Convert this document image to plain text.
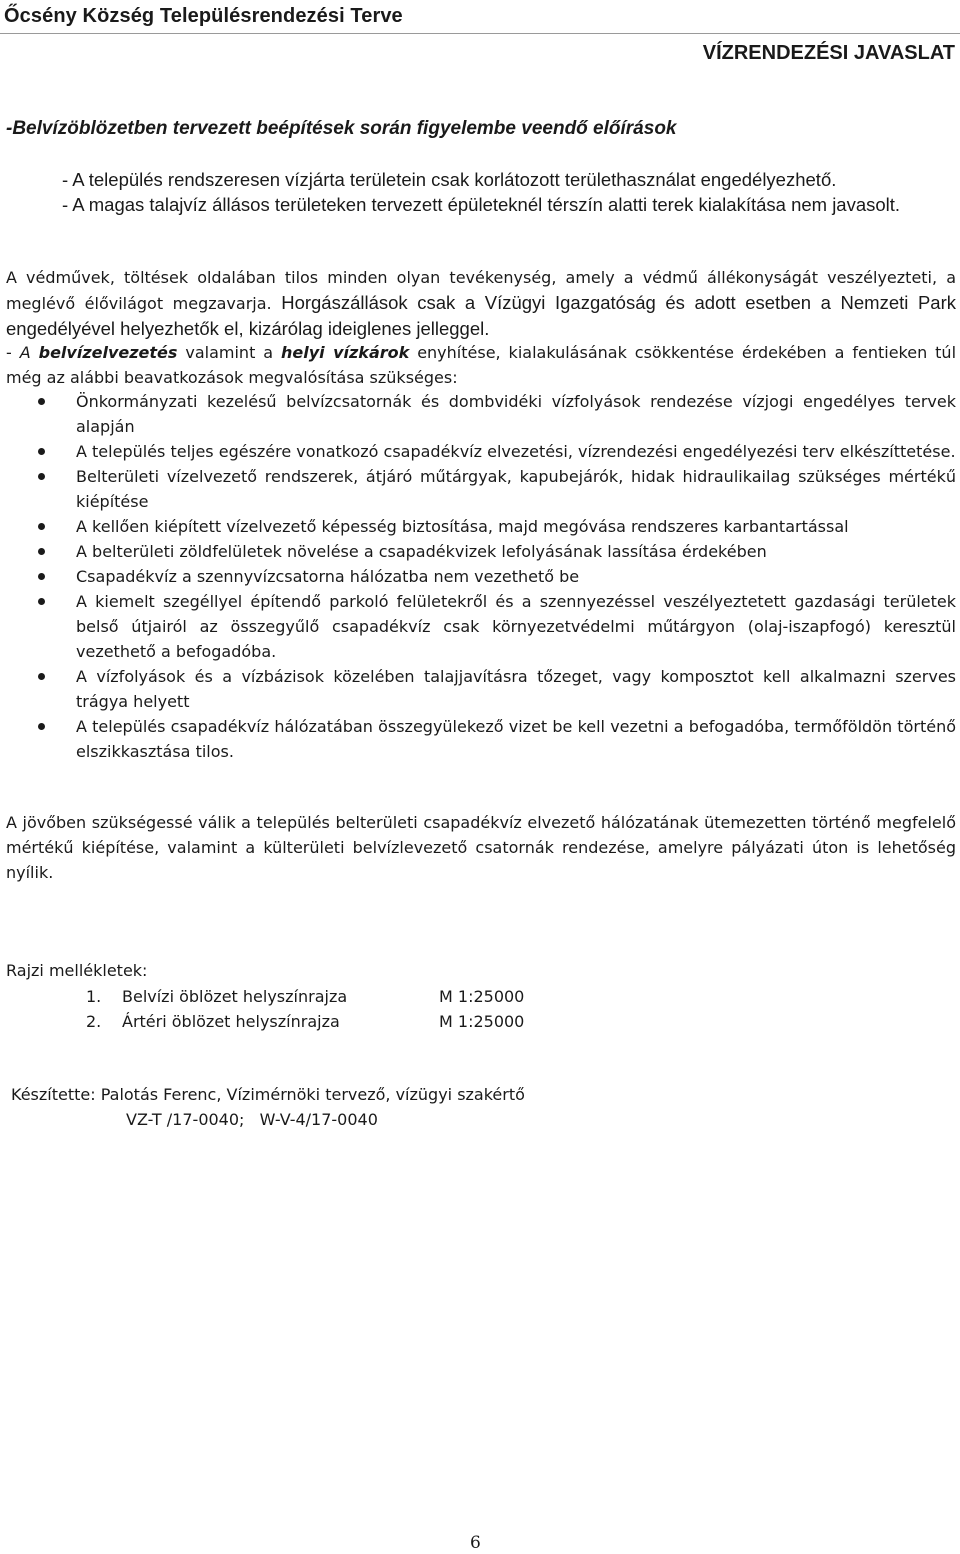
Őcsény Község Településrendezési Terve
VÍZRENDEZÉSI JAVASLAT
-Belvízöblözetben tervezett beépítések során figyelembe veendő előírások

- A település rendszeresen vízjárta területein csak korlátozott területhasználat engedélyezhető.

- A magas talajvíz állásos területeken tervezett épületeknél térszín alatti terek kialakítása nem javasolt.

A védművek, töltések oldalában tilos minden olyan tevékenység, amely a védmű állékonyságát veszélyezteti, a meglévő élővilágot megzavarja. Horgászállások csak a Vízügyi Igazgatóság és adott esetben a Nemzeti Park engedélyével helyezhetők el, kizárólag ideiglenes jelleggel.

- A belvízelvezetés valamint a helyi vízkárok enyhítése, kialakulásának csökkentése érdekében a fentieken túl még az alábbi beavatkozások megvalósítása szükséges:

Önkormányzati kezelésű belvízcsatornák és dombvidéki vízfolyások rendezése vízjogi engedélyes tervek alapján
A település teljes egészére vonatkozó csapadékvíz elvezetési, vízrendezési engedélyezési terv elkészíttetése.
Belterületi vízelvezető rendszerek, átjáró műtárgyak, kapubejárók, hidak hidraulikailag szükséges mértékű kiépítése
A kellően kiépített vízelvezető képesség biztosítása, majd megóvása rendszeres karbantartással
A belterületi zöldfelületek növelése a csapadékvizek lefolyásának lassítása érdekében
Csapadékvíz a szennyvízcsatorna hálózatba nem vezethető be
A kiemelt szegéllyel építendő parkoló felületekről és a szennyezéssel veszélyeztetett gazdasági területek belső útjairól az összegyűlő csapadékvíz csak környezetvédelmi műtárgyon (olaj-iszapfogó) keresztül vezethető a befogadóba.
A vízfolyások és a vízbázisok közelében talajjavításra tőzeget, vagy komposztot kell alkalmazni szerves trágya helyett
A település csapadékvíz hálózatában összegyülekező vizet be kell vezetni a befogadóba, termőföldön történő elszikkasztása tilos.

A jövőben szükségessé válik a település belterületi csapadékvíz elvezető hálózatának ütemezetten történő megfelelő mértékű kiépítése, valamint a külterületi belvízlevezető csatornák rendezése, amelyre pályázati úton is lehetőség nyílik.

Rajzi mellékletek:
1. Belvízi öblözet helyszínrajza	M 1:25000
2. Ártéri öblözet helyszínrajza	M 1:25000
Készítette: Palotás Ferenc, Vízimérnöki tervező, vízügyi szakértő
VZ-T /17-0040;   W-V-4/17-0040
6
